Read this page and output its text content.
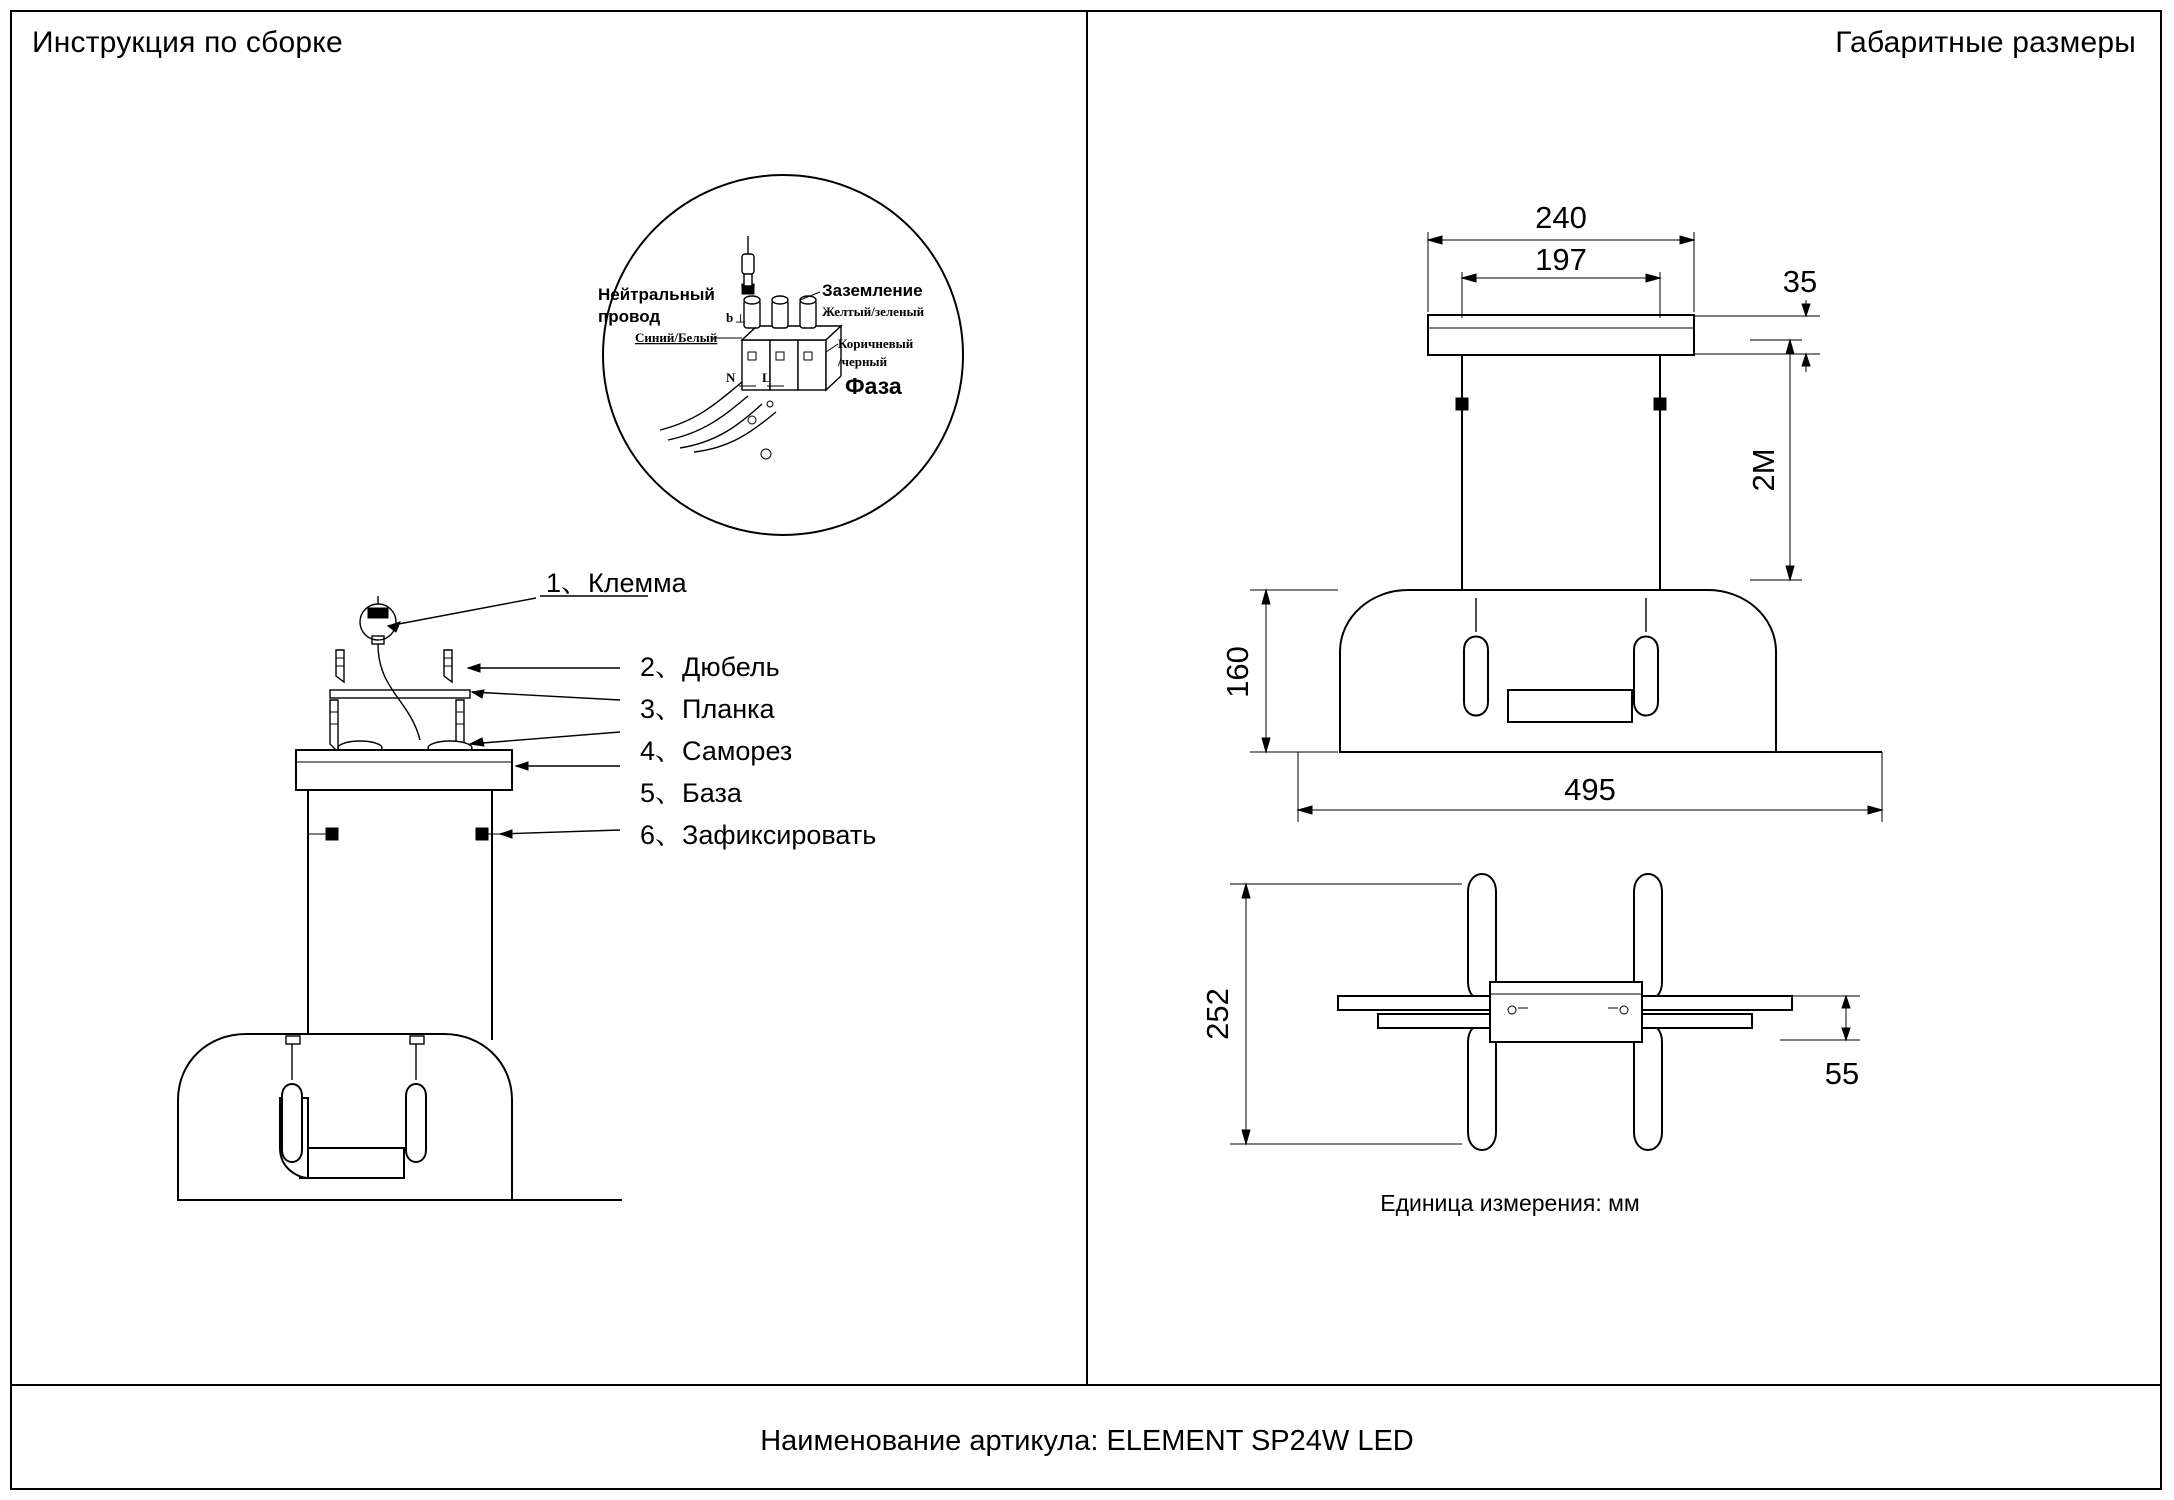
Инструкция по сборке	Габаритные размеры
Нейтральный
провод
Синий/Белый
Заземление
Желтый/зеленый
Коричневый
/черный
Фаза
N L
┴
b
1、Клемма
2、Дюбель
3、Планка
4、Саморез
5、База
6、Зафиксировать
240
197
35
2М
160
495
252
55
Единица измерения: мм
Наименование артикула: ELEMENT SP24W LED
